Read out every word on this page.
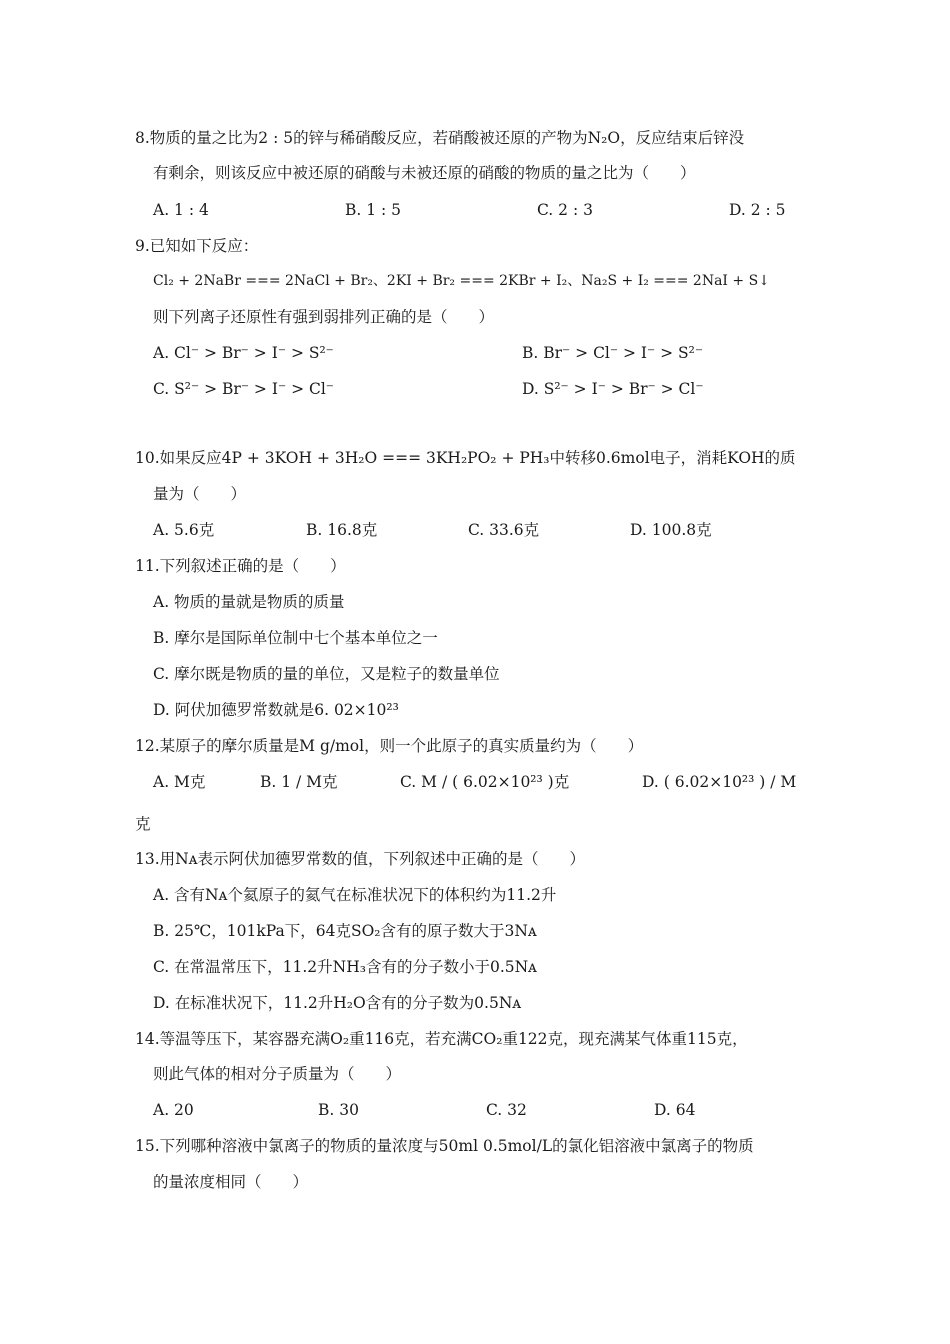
8.物质的量之比为2 : 5的锌与稀硝酸反应，若硝酸被还原的产物为N₂O，反应结束后锌没
有剩余，则该反应中被还原的硝酸与未被还原的硝酸的物质的量之比为（　　）
A. 1 : 4	B. 1 : 5	C. 2 : 3	D. 2 : 5
9.已知如下反应：
Cl₂ + 2NaBr === 2NaCl + Br₂、2KI + Br₂ === 2KBr + I₂、Na₂S + I₂ === 2NaI + S↓
则下列离子还原性有强到弱排列正确的是（　　）
A. Cl⁻ > Br⁻ > I⁻ > S²⁻	B. Br⁻ > Cl⁻ > I⁻ > S²⁻
C. S²⁻ > Br⁻ > I⁻ > Cl⁻	D. S²⁻ > I⁻ > Br⁻ > Cl⁻
10.如果反应4P + 3KOH + 3H₂O === 3KH₂PO₂ + PH₃中转移0.6mol电子，消耗KOH的质
量为（　　）
A. 5.6克	B. 16.8克	C. 33.6克	D. 100.8克
11.下列叙述正确的是（　　）
A. 物质的量就是物质的质量
B. 摩尔是国际单位制中七个基本单位之一
C. 摩尔既是物质的量的单位，又是粒子的数量单位
D. 阿伏加德罗常数就是6. 02×10²³
12.某原子的摩尔质量是M g/mol，则一个此原子的真实质量约为（　　）
A. M克	B. 1 / M克	C. M / ( 6.02×10²³ )克	D. ( 6.02×10²³ ) / M
克
13.用Nᴀ表示阿伏加德罗常数的值，下列叙述中正确的是（　　）
A. 含有Nᴀ个氦原子的氦气在标准状况下的体积约为11.2升
B. 25℃，101kPa下，64克SO₂含有的原子数大于3Nᴀ
C. 在常温常压下，11.2升NH₃含有的分子数小于0.5Nᴀ
D. 在标准状况下，11.2升H₂O含有的分子数为0.5Nᴀ
14.等温等压下，某容器充满O₂重116克，若充满CO₂重122克，现充满某气体重115克，
则此气体的相对分子质量为（　　）
A. 20	B. 30	C. 32	D. 64
15.下列哪种溶液中氯离子的物质的量浓度与50ml 0.5mol/L的氯化铝溶液中氯离子的物质
的量浓度相同（　　）
